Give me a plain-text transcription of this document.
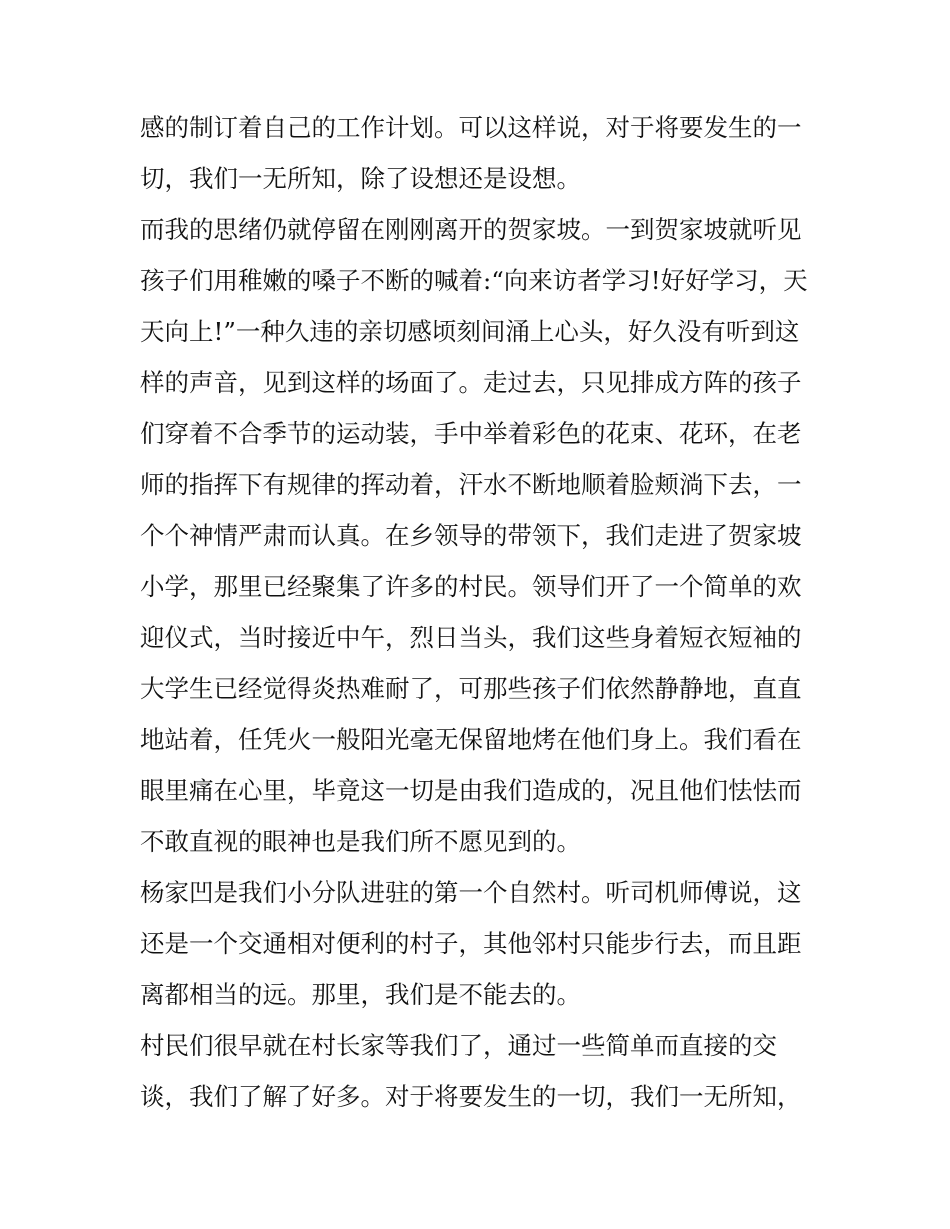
感的制订着自己的工作计划。可以这样说，对于将要发生的一
切，我们一无所知，除了设想还是设想。
而我的思绪仍就停留在刚刚离开的贺家坡。一到贺家坡就听见
孩子们用稚嫩的嗓子不断的喊着:“向来访者学习!好好学习，天
天向上!”一种久违的亲切感顷刻间涌上心头，好久没有听到这
样的声音，见到这样的场面了。走过去，只见排成方阵的孩子
们穿着不合季节的运动装，手中举着彩色的花束、花环，在老
师的指挥下有规律的挥动着，汗水不断地顺着脸颊淌下去，一
个个神情严肃而认真。在乡领导的带领下，我们走进了贺家坡
小学，那里已经聚集了许多的村民。领导们开了一个简单的欢
迎仪式，当时接近中午，烈日当头，我们这些身着短衣短袖的
大学生已经觉得炎热难耐了，可那些孩子们依然静静地，直直
地站着，任凭火一般阳光毫无保留地烤在他们身上。我们看在
眼里痛在心里，毕竟这一切是由我们造成的，况且他们怯怯而
不敢直视的眼神也是我们所不愿见到的。
杨家凹是我们小分队进驻的第一个自然村。听司机师傅说，这
还是一个交通相对便利的村子，其他邻村只能步行去，而且距
离都相当的远。那里，我们是不能去的。
村民们很早就在村长家等我们了，通过一些简单而直接的交
谈，我们了解了好多。对于将要发生的一切，我们一无所知，
